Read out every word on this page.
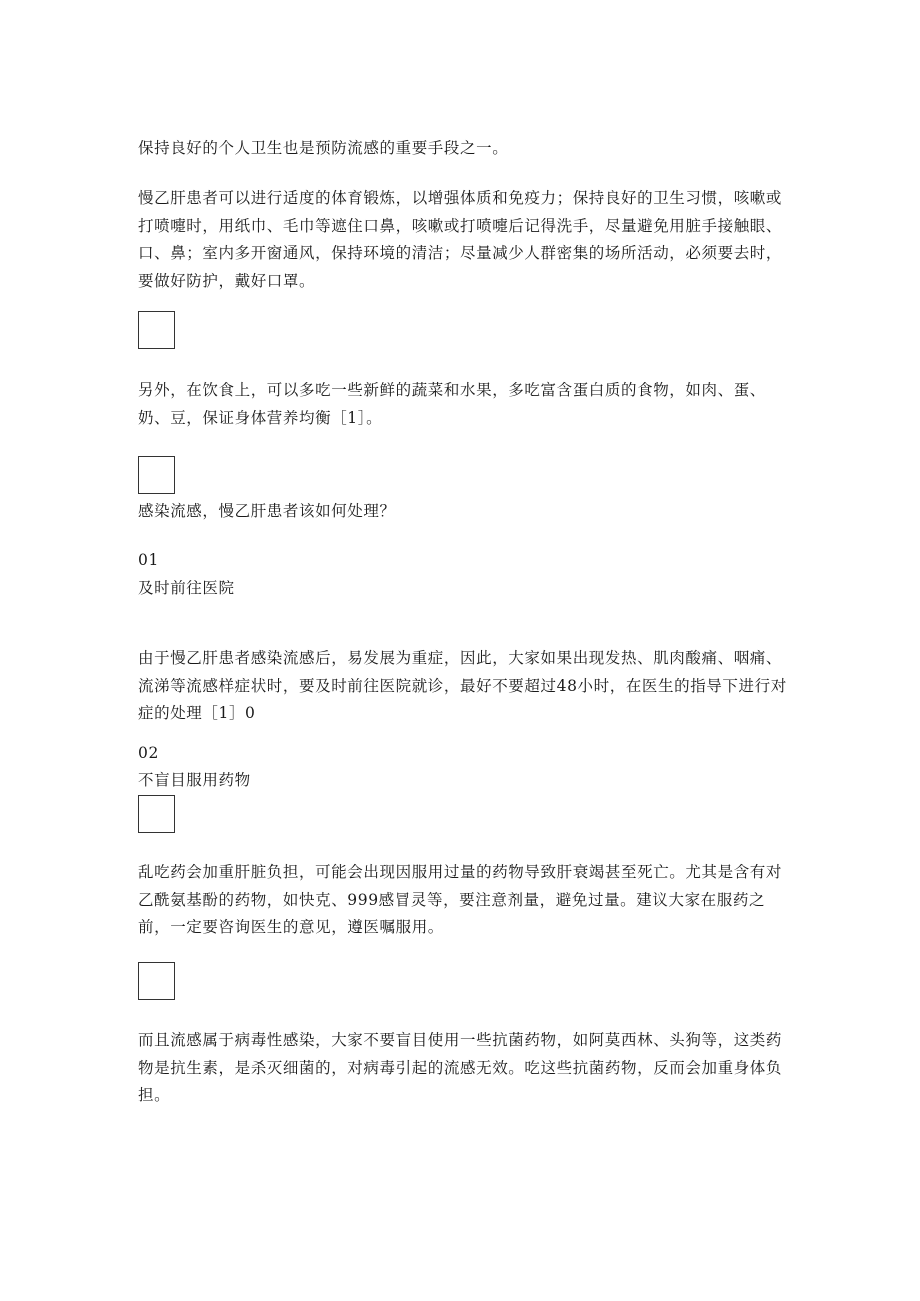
保持良好的个人卫生也是预防流感的重要手段之一。

慢乙肝患者可以进行适度的体育锻炼，以增强体质和免疫力；保持良好的卫生习惯，咳嗽或打喷嚏时，用纸巾、毛巾等遮住口鼻，咳嗽或打喷嚏后记得洗手，尽量避免用脏手接触眼、口、鼻；室内多开窗通风，保持环境的清洁；尽量减少人群密集的场所活动，必须要去时，要做好防护，戴好口罩。

另外，在饮食上，可以多吃一些新鲜的蔬菜和水果，多吃富含蛋白质的食物，如肉、蛋、奶、豆，保证身体营养均衡［1］。

感染流感，慢乙肝患者该如何处理？

01

及时前往医院

由于慢乙肝患者感染流感后，易发展为重症，因此，大家如果出现发热、肌肉酸痛、咽痛、流涕等流感样症状时，要及时前往医院就诊，最好不要超过48小时，在医生的指导下进行对症的处理［1］0

02

不盲目服用药物

乱吃药会加重肝脏负担，可能会出现因服用过量的药物导致肝衰竭甚至死亡。尤其是含有对乙酰氨基酚的药物，如快克、999感冒灵等，要注意剂量，避免过量。建议大家在服药之前，一定要咨询医生的意见，遵医嘱服用。

而且流感属于病毒性感染，大家不要盲目使用一些抗菌药物，如阿莫西林、头狗等，这类药物是抗生素，是杀灭细菌的，对病毒引起的流感无效。吃这些抗菌药物，反而会加重身体负担。
